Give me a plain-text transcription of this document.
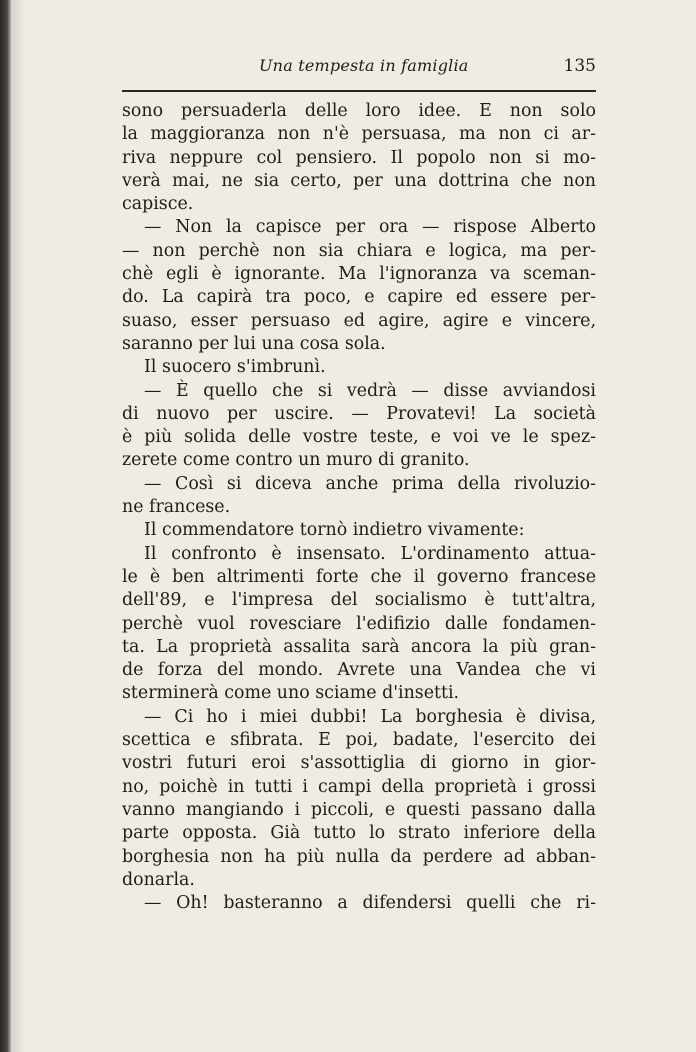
Una tempesta in famiglia	135
sono persuaderla delle loro idee. E non solo
la maggioranza non n'è persuasa, ma non ci ar-
riva neppure col pensiero. Il popolo non si mo-
verà mai, ne sia certo, per una dottrina che non
capisce.
— Non la capisce per ora — rispose Alberto
— non perchè non sia chiara e logica, ma per-
chè egli è ignorante. Ma l'ignoranza va sceman-
do. La capirà tra poco, e capire ed essere per-
suaso, esser persuaso ed agire, agire e vincere,
saranno per lui una cosa sola.
Il suocero s'imbrunì.
— È quello che si vedrà — disse avviandosi
di nuovo per uscire. — Provatevi! La società
è più solida delle vostre teste, e voi ve le spez-
zerete come contro un muro di granito.
— Così si diceva anche prima della rivoluzio-
ne francese.
Il commendatore tornò indietro vivamente:
Il confronto è insensato. L'ordinamento attua-
le è ben altrimenti forte che il governo francese
dell'89, e l'impresa del socialismo è tutt'altra,
perchè vuol rovesciare l'edifizio dalle fondamen-
ta. La proprietà assalita sarà ancora la più gran-
de forza del mondo. Avrete una Vandea che vi
sterminerà come uno sciame d'insetti.
— Ci ho i miei dubbi! La borghesia è divisa,
scettica e sfibrata. E poi, badate, l'esercito dei
vostri futuri eroi s'assottiglia di giorno in gior-
no, poichè in tutti i campi della proprietà i grossi
vanno mangiando i piccoli, e questi passano dalla
parte opposta. Già tutto lo strato inferiore della
borghesia non ha più nulla da perdere ad abban-
donarla.
— Oh! basteranno a difendersi quelli che ri-
